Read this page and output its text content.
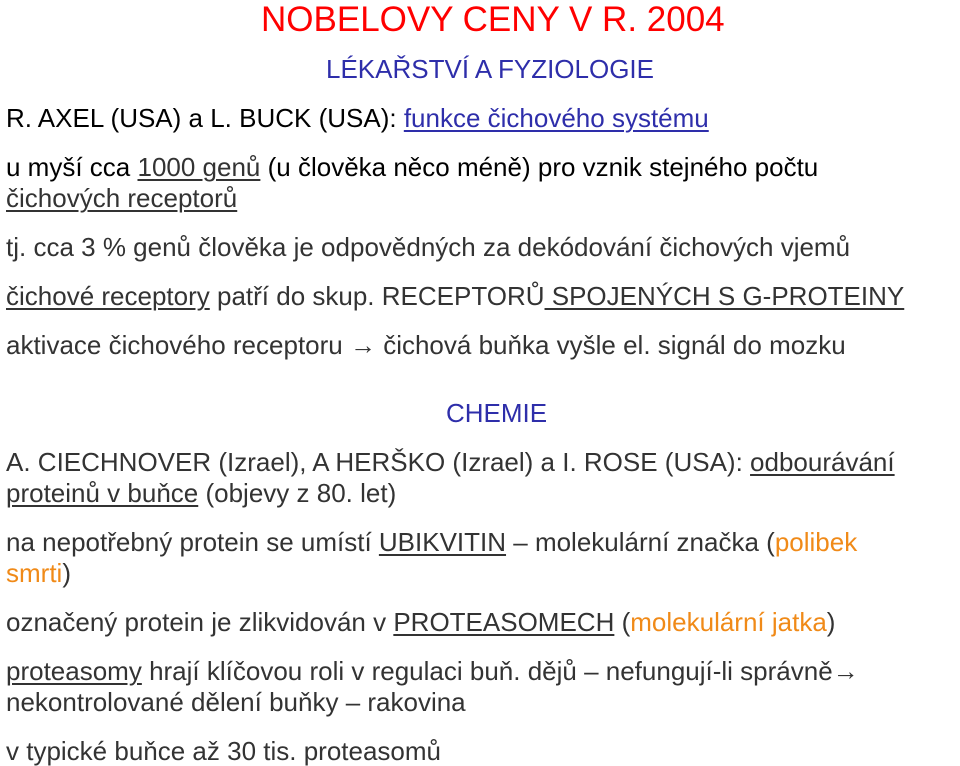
NOBELOVY CENY V R. 2004
LÉKAŘSTVÍ A FYZIOLOGIE
R. AXEL (USA) a L. BUCK (USA): funkce čichového systému
u myší cca 1000 genů (u člověka něco méně) pro vznik stejného počtu
čichových receptorů
tj. cca 3 % genů člověka je odpovědných za dekódování čichových vjemů
čichové receptory patří do skup. RECEPTORŮ SPOJENÝCH S G-PROTEINY
aktivace čichového receptoru → čichová buňka vyšle el. signál do mozku
CHEMIE
A. CIECHNOVER (Izrael), A HERŠKO (Izrael) a I. ROSE (USA): odbourávání
proteinů v buňce (objevy z 80. let)
na nepotřebný protein se umístí UBIKVITIN – molekulární značka (polibek
smrti)
označený protein je zlikvidován v PROTEASOMECH (molekulární jatka)
proteasomy hrají klíčovou roli v regulaci buň. dějů – nefungují-li správně→
nekontrolované dělení buňky – rakovina
v typické buňce až 30 tis. proteasomů
